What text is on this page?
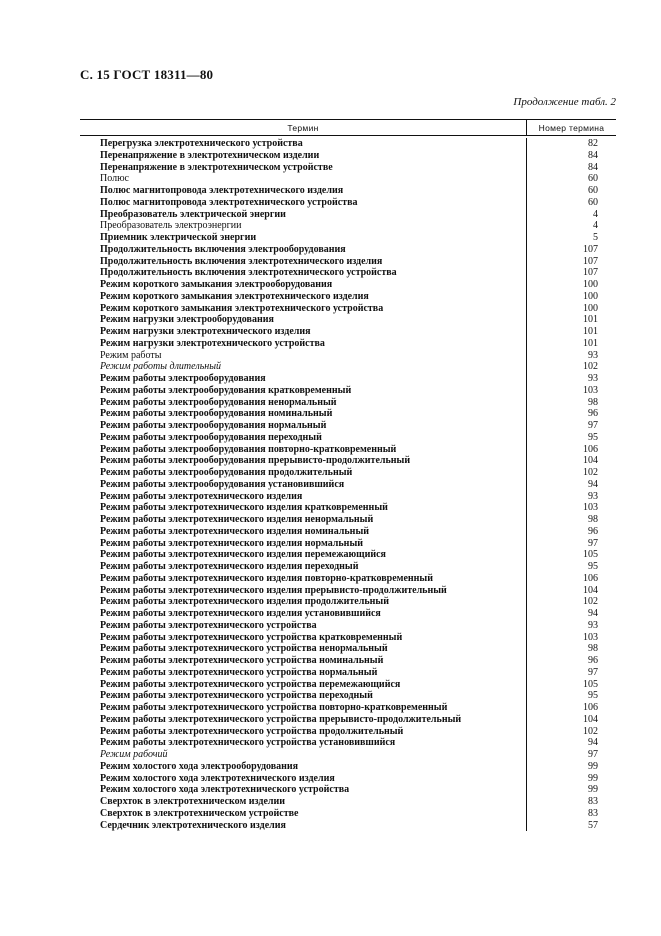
С. 15 ГОСТ 18311—80
Продолжение табл. 2
Термин	Номер термина
Перегрузка электротехнического устройства
Перенапряжение в электротехническом изделии
Перенапряжение в электротехническом устройстве
Полюс
Полюс магнитопровода электротехнического изделия
Полюс магнитопровода электротехнического устройства
Преобразователь электрической энергии
Преобразователь электроэнергии
Приемник электрической энергии
Продолжительность включения электрооборудования
Продолжительность включения электротехнического изделия
Продолжительность включения электротехнического устройства
Режим короткого замыкания электрооборудования
Режим короткого замыкания электротехнического изделия
Режим короткого замыкания электротехнического устройства
Режим нагрузки электрооборудования
Режим нагрузки электротехнического изделия
Режим нагрузки электротехнического устройства
Режим работы
Режим работы длительный
Режим работы электрооборудования
Режим работы электрооборудования кратковременный
Режим работы электрооборудования ненормальный
Режим работы электрооборудования номинальный
Режим работы электрооборудования нормальный
Режим работы электрооборудования переходный
Режим работы электрооборудования повторно-кратковременный
Режим работы электрооборудования прерывисто-продолжительный
Режим работы электрооборудования продолжительный
Режим работы электрооборудования установившийся
Режим работы электротехнического изделия
Режим работы электротехнического изделия кратковременный
Режим работы электротехнического изделия ненормальный
Режим работы электротехнического изделия номинальный
Режим работы электротехнического изделия нормальный
Режим работы электротехнического изделия перемежающийся
Режим работы электротехнического изделия переходный
Режим работы электротехнического изделия повторно-кратковременный
Режим работы электротехнического изделия прерывисто-продолжительный
Режим работы электротехнического изделия продолжительный
Режим работы электротехнического изделия установившийся
Режим работы электротехнического устройства
Режим работы электротехнического устройства кратковременный
Режим работы электротехнического устройства ненормальный
Режим работы электротехнического устройства номинальный
Режим работы электротехнического устройства нормальный
Режим работы электротехнического устройства перемежающийся
Режим работы электротехнического устройства переходный
Режим работы электротехнического устройства повторно-кратковременный
Режим работы электротехнического устройства прерывисто-продолжительный
Режим работы электротехнического устройства продолжительный
Режим работы электротехнического устройства установившийся
Режим рабочий
Режим холостого хода электрооборудования
Режим холостого хода электротехнического изделия
Режим холостого хода электротехнического устройства
Сверхток в электротехническом изделии
Сверхток в электротехническом устройстве
Сердечник электротехнического изделия
82
84
84
60
60
60
4
4
5
107
107
107
100
100
100
101
101
101
93
102
93
103
98
96
97
95
106
104
102
94
93
103
98
96
97
105
95
106
104
102
94
93
103
98
96
97
105
95
106
104
102
94
97
99
99
99
83
83
57
